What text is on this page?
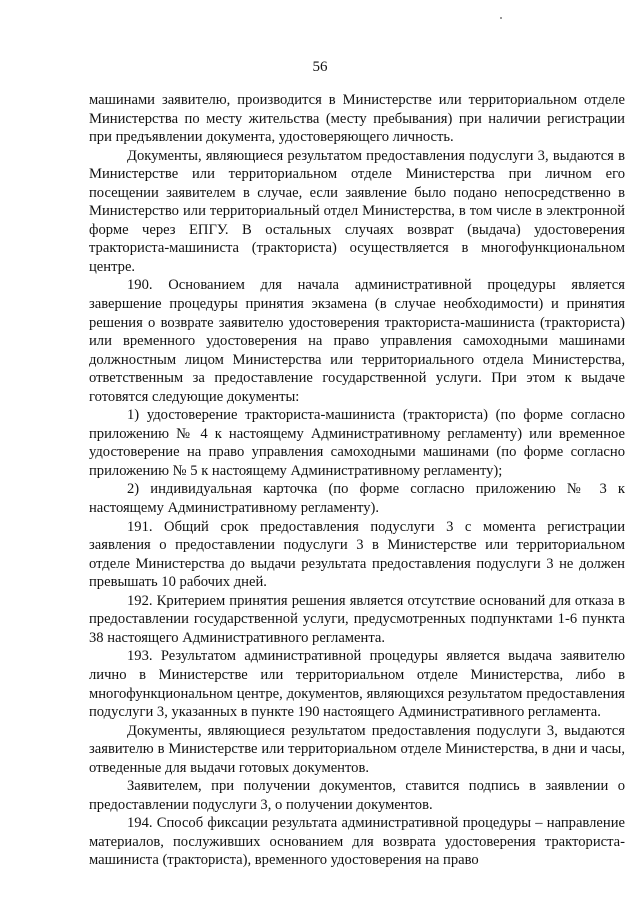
56

машинами заявителю, производится в Министерстве или территориальном отделе Министерства по месту жительства (месту пребывания) при наличии регистрации при предъявлении документа, удостоверяющего личность.

Документы, являющиеся результатом предоставления подуслуги 3, выдаются в Министерстве или территориальном отделе Министерства при личном его посещении заявителем в случае, если заявление было подано непосредственно в Министерство или территориальный отдел Министерства, в том числе в электронной форме через ЕПГУ. В остальных случаях возврат (выдача) удостоверения тракториста-машиниста (тракториста) осуществляется в многофункциональном центре.

190. Основанием для начала административной процедуры является завершение процедуры принятия экзамена (в случае необходимости) и принятия решения о возврате заявителю удостоверения тракториста-машиниста (тракториста) или временного удостоверения на право управления самоходными машинами должностным лицом Министерства или территориального отдела Министерства, ответственным за предоставление государственной услуги. При этом к выдаче готовятся следующие документы:

1) удостоверение тракториста-машиниста (тракториста) (по форме согласно приложению № 4 к настоящему Административному регламенту) или временное удостоверение на право управления самоходными машинами (по форме согласно приложению № 5 к настоящему Административному регламенту);

2) индивидуальная карточка (по форме согласно приложению № 3 к настоящему Административному регламенту).

191. Общий срок предоставления подуслуги 3 с момента регистрации заявления о предоставлении подуслуги 3 в Министерстве или территориальном отделе Министерства до выдачи результата предоставления подуслуги 3 не должен превышать 10 рабочих дней.

192. Критерием принятия решения является отсутствие оснований для отказа в предоставлении государственной услуги, предусмотренных подпунктами 1-6 пункта 38 настоящего Административного регламента.

193. Результатом административной процедуры является выдача заявителю лично в Министерстве или территориальном отделе Министерства, либо в многофункциональном центре, документов, являющихся результатом предоставления подуслуги 3, указанных в пункте 190 настоящего Административного регламента.

Документы, являющиеся результатом предоставления подуслуги 3, выдаются заявителю в Министерстве или территориальном отделе Министерства, в дни и часы, отведенные для выдачи готовых документов.

Заявителем, при получении документов, ставится подпись в заявлении о предоставлении подуслуги 3, о получении документов.

194. Способ фиксации результата административной процедуры – направление материалов, послуживших основанием для возврата удостоверения тракториста-машиниста (тракториста), временного удостоверения на право
